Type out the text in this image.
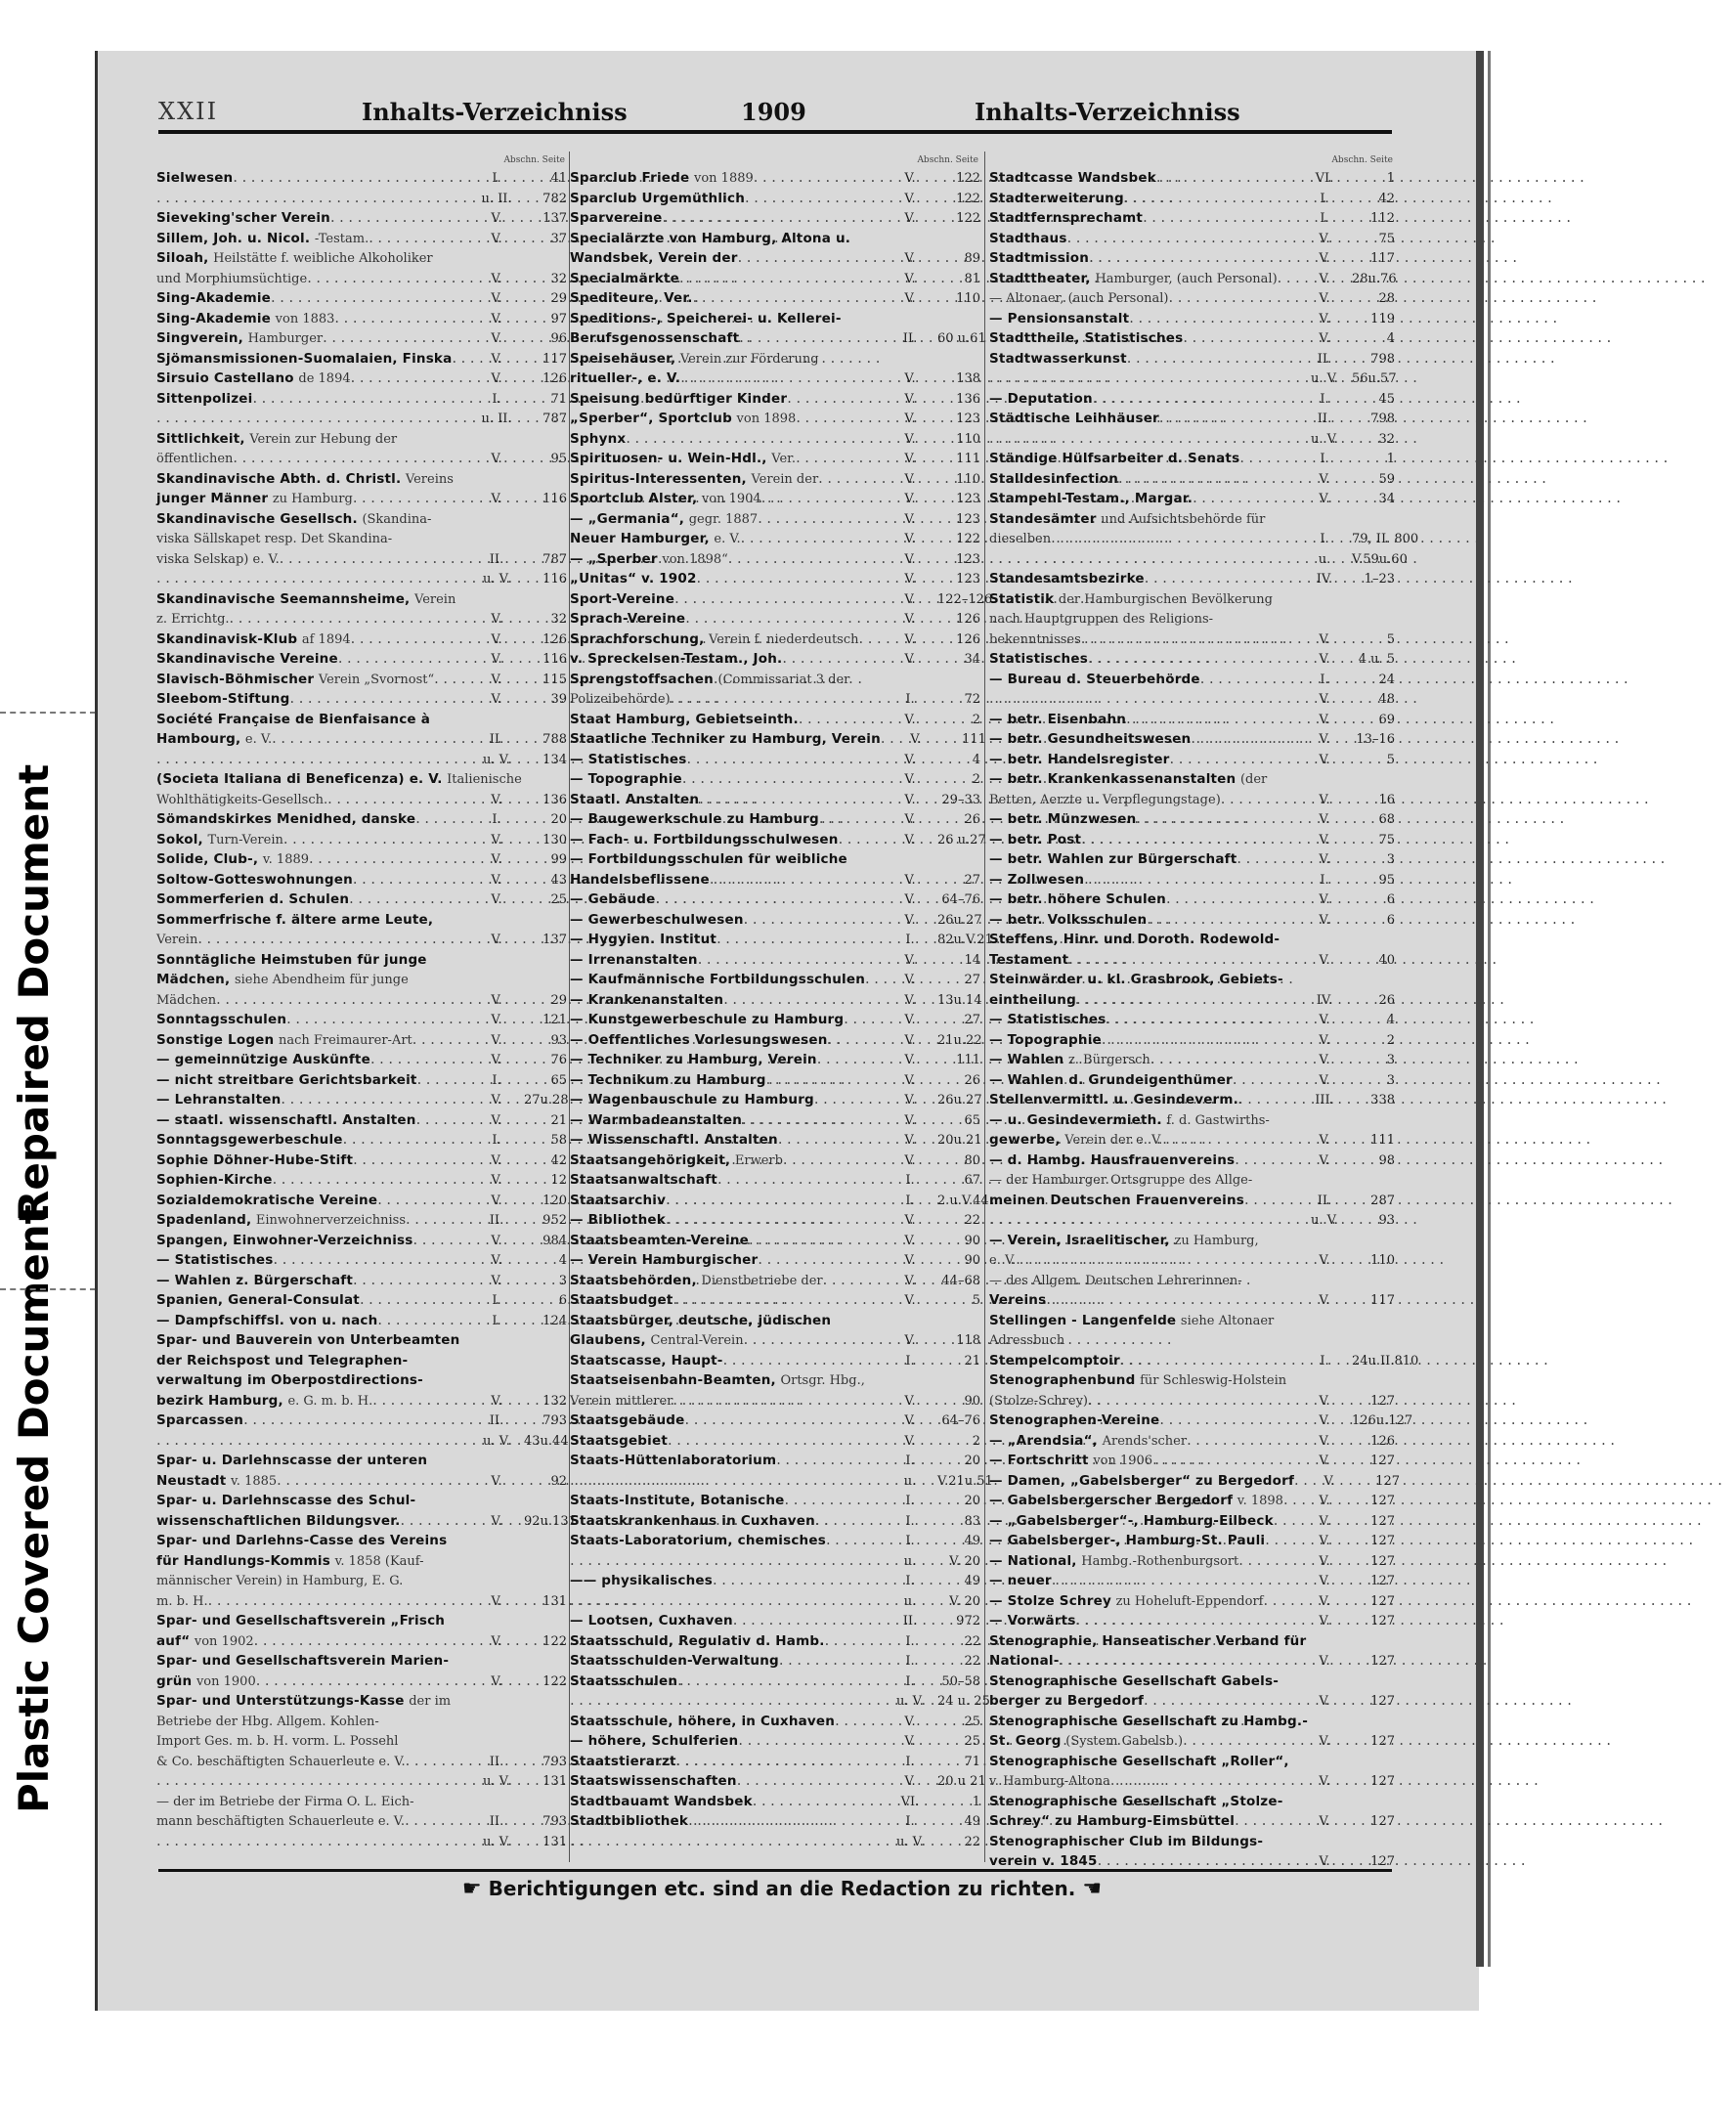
Repaired Document
Plastic Covered Document
XXII	Inhalts-Verzeichniss	1909	Inhalts-Verzeichniss
Abschn. Seite
Sielwesen . . .	I.	41
. . .
u. II.	782
Sieveking'scher Verein . . .	V.	137
Sillem, Joh. u. Nicol. -Testam. . . .	V.	37
Siloah, Heilstätte f. weibliche Alkoholiker
und Morphiumsüchtige . . .	V.	32
Sing-Akademie . . .	V.	29
Sing-Akademie von 1883 . . .	V.	97
Singverein, Hamburger . . .	V.	96
Sjömansmissionen-Suomalaien, Finska . . .	V.	117
Sirsuio Castellano de 1894 . . .	V.	126
Sittenpolizei . . .	I.	71
. . .
u. II.	787
Sittlichkeit, Verein zur Hebung der
öffentlichen . . .	V.	95
Skandinavische Abth. d. Christl. Vereins
junger Männer zu Hamburg . . .	V.	116
Skandinavische Gesellsch. (Skandina-
viska Sällskapet resp. Det Skandina-
viska Selskap) e. V. . . .	II.	787
. . .
u. V.	116
Skandinavische Seemannsheime, Verein
z. Errichtg. . . .	V.	32
Skandinavisk-Klub af 1894 . . .	V.	126
Skandinavische Vereine . . .	V.	116
Slavisch-Böhmischer Verein „Svornost“ . . .	V.	115
Sleebom-Stiftung . . .	V.	39
Société Française de Bienfaisance à
Hambourg, e. V. . . .	II.	788
. . .
u. V.	134
(Societa Italiana di Beneficenza) e. V. Italienische
Wohlthätigkeits-Gesellsch. . . .	V.	136
Sömandskirkes Menidhed, danske . . .	I.	20
Sokol, Turn-Verein . . .	V.	130
Solide, Club-, v. 1889 . . .	V.	99
Soltow-Gotteswohnungen . . .	V.	43
Sommerferien d. Schulen . . .	V.	25
Sommerfrische f. ältere arme Leute,
Verein . . .	V.	137
Sonntägliche Heimstuben für junge
Mädchen, siehe Abendheim für junge
Mädchen . . .	V.	29
Sonntagsschulen . . .	V.	121
Sonstige Logen nach Freimaurer-Art . . .	V.	93
— gemeinnützige Auskünfte . . .	V.	76
— nicht streitbare Gerichtsbarkeit . . .	I.	65
— Lehranstalten . . .	V.	27u.28
— staatl. wissenschaftl. Anstalten . . .	V.	21
Sonntagsgewerbeschule . . .	I.	58
Sophie Döhner-Hube-Stift . . .	V.	42
Sophien-Kirche . . .	V.	12
Sozialdemokratische Vereine . . .	V.	120
Spadenland, Einwohnerverzeichniss . . .	II.	952
Spangen, Einwohner-Verzeichniss . . .	V.	984
— Statistisches . . .	V.	4
— Wahlen z. Bürgerschaft . . .	V.	3
Spanien, General-Consulat . . .	I.	6
— Dampfschiffsl. von u. nach . . .	I.	124
Spar- und Bauverein von Unterbeamten
der Reichspost und Telegraphen-
verwaltung im Oberpostdirections-
bezirk Hamburg, e. G. m. b. H. . . .	V.	132
Sparcassen . . .	II.	793
. . .
u. V.	43u.44
Spar- u. Darlehnscasse der unteren
Neustadt v. 1885 . . .	V.	92
Spar- u. Darlehnscasse des Schul-
wissenschaftlichen Bildungsver. . . .	V.	92u.131
Spar- und Darlehns-Casse des Vereins
für Handlungs-Kommis v. 1858 (Kauf-
männischer Verein) in Hamburg, E. G.
m. b. H. . . .	V.	131
Spar- und Gesellschaftsverein „Frisch
auf“ von 1902 . . .	V.	122
Spar- und Gesellschaftsverein Marien-
grün von 1900 . . .	V.	122
Spar- und Unterstützungs-Kasse der im
Betriebe der Hbg. Allgem. Kohlen-
Import Ges. m. b. H. vorm. L. Possehl
& Co. beschäftigten Schauerleute e. V. . . .	II.	793
. . .
u. V.	131
— der im Betriebe der Firma O. L. Eich-
mann beschäftigten Schauerleute e. V. . . .	II.	793
. . .
u. V.	131
Abschn. Seite
Sparclub Friede von 1889 . . .	V.	122
Sparclub Urgemüthlich . . .	V.	122
Sparvereine . . .	V.	122
Specialärzte von Hamburg, Altona u.
Wandsbek, Verein der . . .	V.	89
Specialmärkte . . .	V.	81
Spediteure, Ver. . . .	V.	110
Speditions-, Speicherei- u. Kellerei-
Berufsgenossenschaft . . .	II.	60 u.61
Speisehäuser, Verein zur Förderung
ritueller-, e. V. . . .	V.	138
Speisung bedürftiger Kinder . . .	V.	136
„Sperber“, Sportclub von 1898 . . .	V.	123
Sphynx . . .	V.	110
Spirituosen- u. Wein-Hdl., Ver. . . .	V.	111
Spiritus-Interessenten, Verein der . . .	V.	110
Sportclub Alster, von 1904 . . .	V.	123
— „Germania“, gegr. 1887 . . .	V.	123
Neuer Hamburger, e. V. . . .	V.	122
— „Sperber von 1898“ . . .	V.	123
„Unitas“ v. 1902 . . .	V.	123
Sport-Vereine . . .	V.	122–126
Sprach-Vereine . . .	V.	126
Sprachforschung, Verein f. niederdeutsch . . .	V.	126
v. Spreckelsen-Testam., Joh. . . .	V.	34
Sprengstoffsachen (Commissariat 3 der
Polizeibehörde) . . .	I.	72
Staat Hamburg, Gebietseinth. . . .	V.	2
Staatliche Techniker zu Hamburg, Verein . . .	V.	111
— Statistisches . . .	V.	4
— Topographie . . .	V.	2
Staatl. Anstalten . . .	V.	29–33
— Baugewerkschule zu Hamburg . . .	V.	26
— Fach- u. Fortbildungsschulwesen . . .	V.	26 u.27
— Fortbildungsschulen für weibliche
Handelsbeflissene . . .	V.	27
— Gebäude . . .	V.	64–76
— Gewerbeschulwesen . . .	V.	26u.27
— Hygyien. Institut . . .	I.	82u.V.21
— Irrenanstalten . . .	V.	14
— Kaufmännische Fortbildungsschulen . . .	V.	27
— Krankenanstalten . . .	V.	13u.14
— Kunstgewerbeschule zu Hamburg . . .	V.	27
— Oeffentliches Vorlesungswesen . . .	V.	21u.22
— Techniker zu Hamburg, Verein . . .	V.	111
— Technikum zu Hamburg . . .	V.	26
— Wagenbauschule zu Hamburg . . .	V.	26u.27
— Warmbadeanstalten . . .	V.	65
— Wissenschaftl. Anstalten . . .	V.	20u.21
Staatsangehörigkeit, Erwerb . . .	V.	80
Staatsanwaltschaft . . .	I.	67
Staatsarchiv . . .	I.	2 u.V.44
— Bibliothek . . .	V.	22
Staatsbeamten-Vereine . . .	V.	90
— Verein Hamburgischer . . .	V.	90
Staatsbehörden, Dienstbetriebe der . . .	V.	44–68
Staatsbudget . . .	V.	5
Staatsbürger, deutsche, jüdischen
Glaubens, Central-Verein . . .	V.	118
Staatscasse, Haupt- . . .	I.	21
Staatseisenbahn-Beamten, Ortsgr. Hbg.,
Verein mittlerer . . .	V.	90
Staatsgebäude . . .	V.	64–76
Staatsgebiet . . .	V.	2
Staats-Hüttenlaboratorium . . .	I.	20
. . .
u.	V.21u.51
Staats-Institute, Botanische . . .	I.	20
Staatskrankenhaus in Cuxhaven . . .	I.	83
Staats-Laboratorium, chemisches . . .	I.	49
. . .
u.	V. 20
—— physikalisches . . .	I.	49
. . .
u.	V. 20
— Lootsen, Cuxhaven . . .	II.	972
Staatsschuld, Regulativ d. Hamb. . . .	I.	22
Staatsschulden-Verwaltung . . .	I.	22
Staatsschulen . . .	I.	50–58
. . .
u. V.	24 u. 25
Staatsschule, höhere, in Cuxhaven . . .	V.	25
— höhere, Schulferien . . .	V.	25
Staatstierarzt . . .	I.	71
Staatswissenschaften . . .	V.	20 u 21
Stadtbauamt Wandsbek . . .	VI.	1
Stadtbibliothek . . .	I.	49
. . .
u. V.	22
Abschn. Seite
Stadtcasse Wandsbek . . .	VI.	1
Stadterweiterung . . .	I.	42
Stadtfernsprechamt . . .	I.	112
Stadthaus . . .	V.	75
Stadtmission . . .	V.	117
Stadttheater, Hamburger, (auch Personal) . . .	V.	28u.76
— Altonaer, (auch Personal) . . .	V.	28
— Pensionsanstalt . . .	V.	119
Stadttheile, Statistisches . . .	V.	4
Stadtwasserkunst . . .	II.	798
. . .
u. V.	56u.57
— Deputation . . .	I.	45
Städtische Leihhäuser . . .	II.	798
. . .
u. V.	32
Ständige Hülfsarbeiter d. Senats . . .	I.	1
Stalldesinfection . . .	V.	59
Stampehl-Testam., Margar. . . .	V.	34
Standesämter und Aufsichtsbehörde für
dieselben . . .	I.	79, II. 800
. . .
u.	V.59u.60
Standesamtsbezirke . . .	IV.	1–23
Statistik der Hamburgischen Bevölkerung
nach Hauptgruppen des Religions-
bekenntnisses . . .	V.	5
Statistisches . . .	V.	4 u. 5
— Bureau d. Steuerbehörde . . .	I.	24
. . .
V.	48
— betr. Eisenbahn . . .	V.	69
— betr. Gesundheitswesen . . .	V.	13–16
— betr. Handelsregister . . .	V.	5
— betr. Krankenkassenanstalten (der
Betten, Aerzte u. Verpflegungstage) . . .	V.	16
— betr. Münzwesen . . .	V.	68
— betr. Post . . .	V.	75
— betr. Wahlen zur Bürgerschaft . . .	V.	3
— Zollwesen . . .	I.	95
— betr. höhere Schulen . . .	V.	6
— betr. Volksschulen . . .	V.	6
Steffens, Hinr. und Doroth. Rodewold-
Testament . . .	V.	40
Steinwärder u. kl. Grasbrook, Gebiets-
eintheilung . . .	IV.	26
— Statistisches . . .	V.	4
— Topographie . . .	V.	2
— Wahlen z. Bürgersch . . .	V.	3
— Wahlen d. Grundeigenthümer . . .	V.	3
Stellenvermittl. u. Gesindeverm. . . .	III.	338
— u. Gesindevermieth. f. d. Gastwirths-
gewerbe, Verein der e. V. . . .	V.	111
— d. Hambg. Hausfrauenvereins . . .	V.	98
— der Hamburger Ortsgruppe des Allge-
meinen Deutschen Frauenvereins . . .	II.	287
. . .
u. V.	93
— Verein, Israelitischer, zu Hamburg,
e. V. . . .	V.	110
— des Allgem. Deutschen Lehrerinnen-
Vereins . . .	V.	117
Stellingen - Langenfelde siehe Altonaer
Adressbuch
Stempelcomptoir . . .	I.	24u.II.810
Stenographenbund für Schleswig-Holstein
(Stolze-Schrey) . . .	V.	127
Stenographen-Vereine . . .	V.	126u.127
— „Arendsia“, Arends'scher . . .	V.	126
— Fortschritt von 1906 . . .	V.	127
— Damen, „Gabelsberger“ zu Bergedorf . . .	V.	127
— Gabelsbergerscher Bergedorf v. 1898 . . .	V.	127
— „Gabelsberger“-, Hamburg-Eilbeck . . .	V.	127
— Gabelsberger-, Hamburg-St. Pauli . . .	V.	127
— National, Hambg.-Rothenburgsort . . .	V.	127
— neuer . . .	V.	127
— Stolze Schrey zu Hoheluft-Eppendorf . . .	V.	127
— Vorwärts . . .	V.	127
Stenographie, Hanseatischer Verband für
National- . . .	V.	127
Stenographische Gesellschaft Gabels-
berger zu Bergedorf . . .	V.	127
Stenographische Gesellschaft zu Hambg.-
St. Georg (System Gabelsb.) . . .	V.	127
Stenographische Gesellschaft „Roller“,
v. Hamburg-Altona . . .	V.	127
Stenographische Gesellschaft „Stolze-
Schrey“ zu Hamburg-Eimsbüttel . . .	V.	127
Stenographischer Club im Bildungs-
verein v. 1845 . . .	V.	127
☛ Berichtigungen etc. sind an die Redaction zu richten. ☚
